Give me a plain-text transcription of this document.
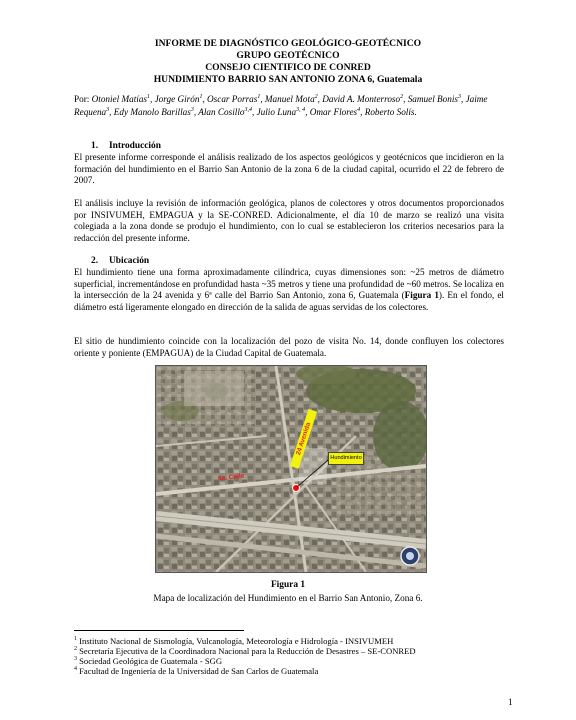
INFORME DE DIAGNÓSTICO GEOLÓGICO-GEOTÉCNICO
GRUPO GEOTÉCNICO
CONSEJO CIENTIFICO DE CONRED
HUNDIMIENTO BARRIO SAN ANTONIO ZONA 6, Guatemala
Por: Otoniel Matías$^1$, Jorge Girón$^1$, Oscar Porras$^1$, Manuel Mota$^2$, David A. Monterroso$^2$, Samuel Bonis$^3$, Jaime Requena$^3$, Edy Manolo Barillas$^3$, Alan Cosillo$^{3,4}$, Julio Luna$^{3, 4}$, Omar Flores$^4$, Roberto Solís.
1. Introducción
El presente informe corresponde el análisis realizado de los aspectos geológicos y geotécnicos que incidieron en la formación del hundimiento en el Barrio San Antonio de la zona 6 de la ciudad capital, ocurrido el 22 de febrero de 2007.
El análisis incluye la revisión de información geológica, planos de colectores y otros documentos proporcionados por INSIVUMEH, EMPAGUA y la SE-CONRED. Adicionalmente, el día 10 de marzo se realizó una visita colegiada a la zona donde se produjo el hundimiento, con lo cual se establecieron los criterios necesarios para la redacción del presente informe.
2. Ubicación
El hundimiento tiene una forma aproximadamente cilíndrica, cuyas dimensiones son: ~25 metros de diámetro superficial, incrementándose en profundidad hasta ~35 metros y tiene una profundidad de ~60 metros. Se localiza en la intersección de la 24 avenida y 6ª calle del Barrio San Antonio, zona 6, Guatemala (Figura 1). En el fondo, el diámetro está ligeramente elongado en dirección de la salida de aguas servidas de los colectores.
El sitio de hundimiento coincide con la localización del pozo de visita No. 14, donde confluyen los colectores oriente y poniente (EMPAGUA) de la Ciudad Capital de Guatemala.
24 Avenida
Hundimiento
6a. Calle
Figura 1
Mapa de localización del Hundimiento en el Barrio San Antonio, Zona 6.
$^1$ Instituto Nacional de Sismología, Vulcanología, Meteorología e Hidrología - INSIVUMEH
$^2$ Secretaría Ejecutiva de la Coordinadora Nacional para la Reducción de Desastres – SE-CONRED
$^3$ Sociedad Geológica de Guatemala - SGG
$^4$ Facultad de Ingeniería de la Universidad de San Carlos de Guatemala
1
